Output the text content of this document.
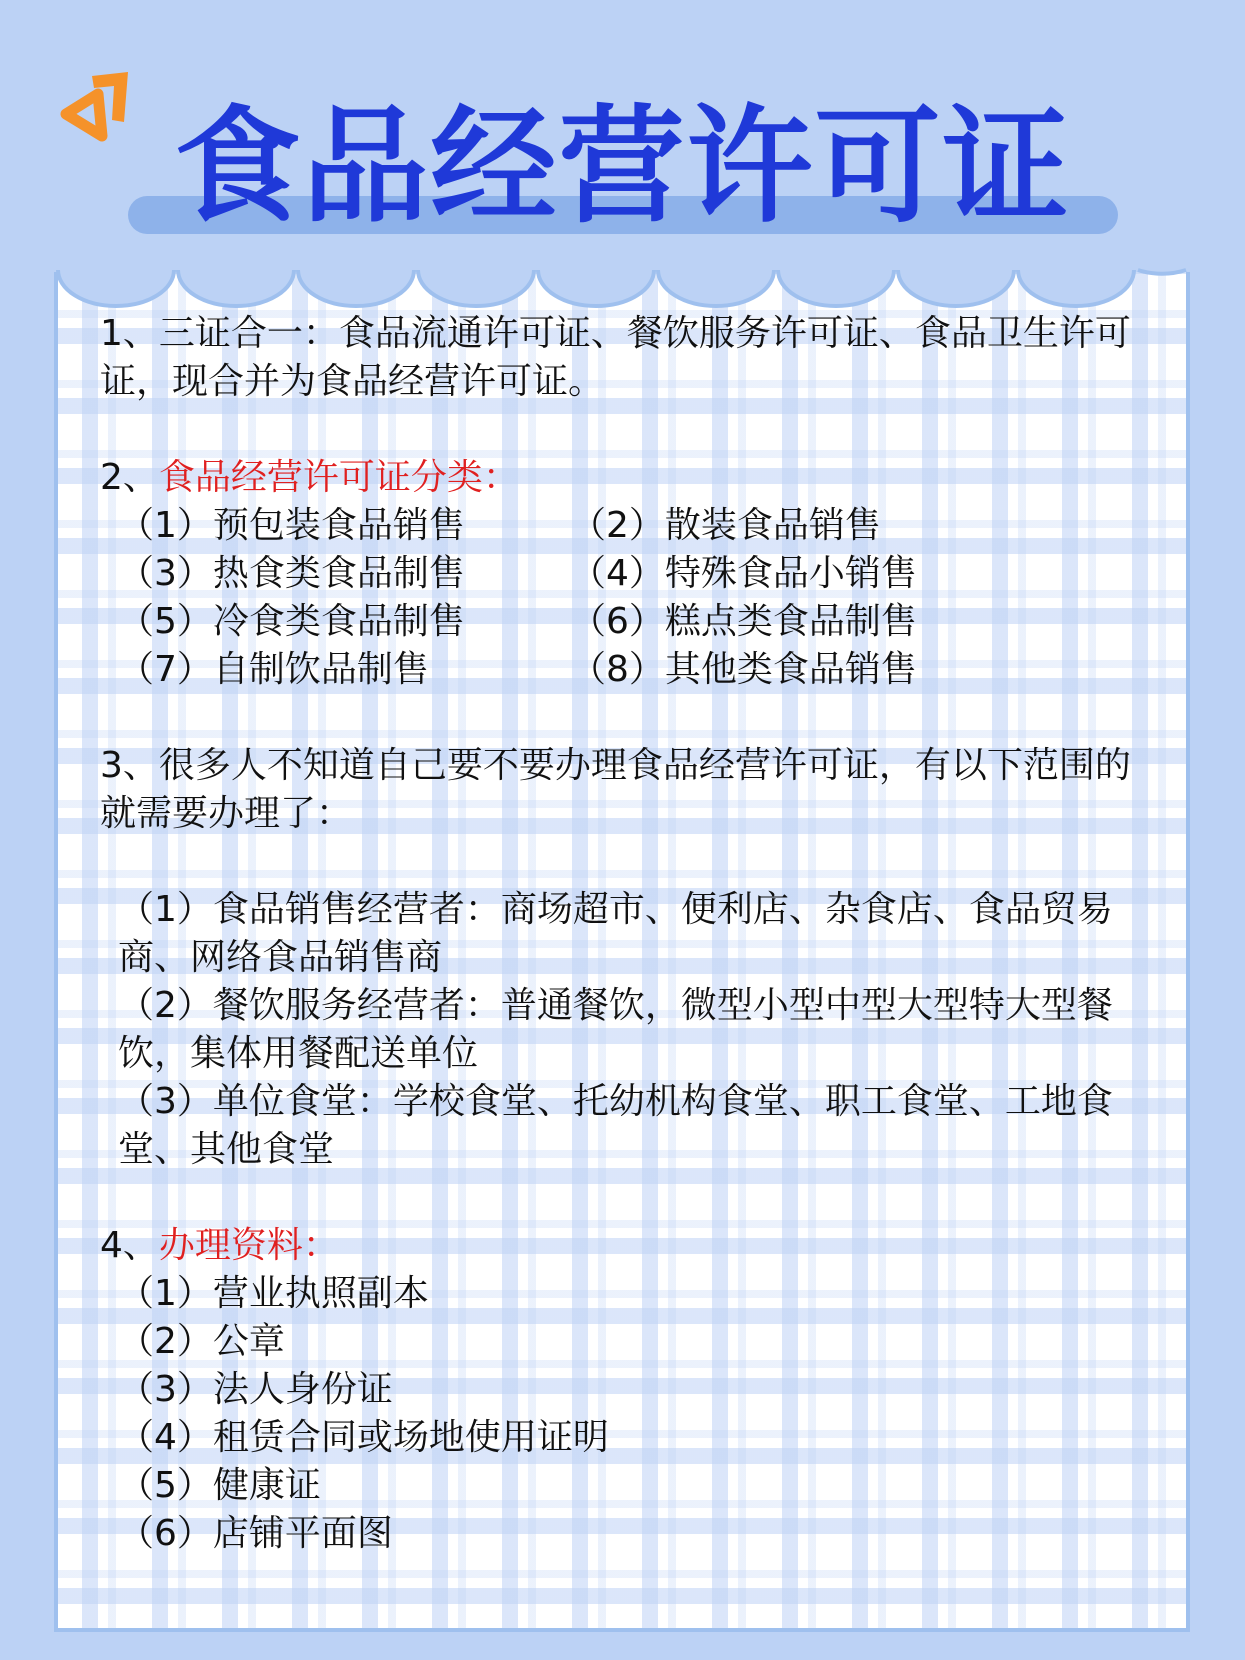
食品经营许可证

1、三证合一：食品流通许可证、餐饮服务许可证、食品卫生许可证，现合并为食品经营许可证。

2、食品经营许可证分类：

（1）预包装食品销售	（2）散装食品销售
（3）热食类食品制售	（4）特殊食品小销售
（5）冷食类食品制售	（6）糕点类食品制售
（7）自制饮品制售	（8）其他类食品销售

3、很多人不知道自己要不要办理食品经营许可证，有以下范围的就需要办理了：

（1）食品销售经营者：商场超市、便利店、杂食店、食品贸易商、网络食品销售商

（2）餐饮服务经营者：普通餐饮，微型小型中型大型特大型餐饮，集体用餐配送单位

（3）单位食堂：学校食堂、托幼机构食堂、职工食堂、工地食堂、其他食堂

4、办理资料：

（1）营业执照副本

（2）公章

（3）法人身份证

（4）租赁合同或场地使用证明

（5）健康证

（6）店铺平面图
